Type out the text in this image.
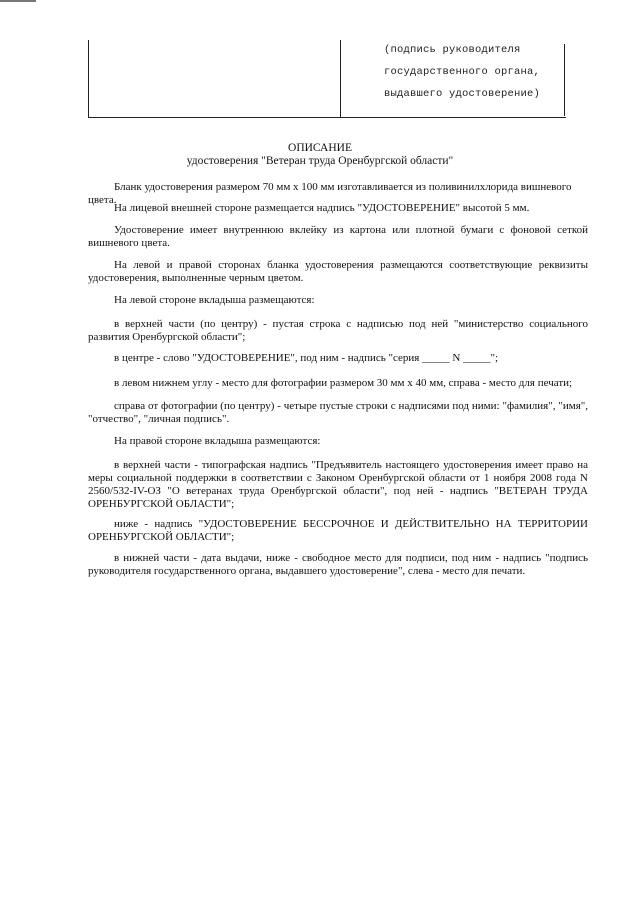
(подпись руководителя
государственного органа,
выдавшего удостоверение)
ОПИСАНИЕ
удостоверения "Ветеран труда Оренбургской области"
Бланк удостоверения размером 70 мм х 100 мм изготавливается из поливинилхлорида вишневого цвета.
На лицевой внешней стороне размещается надпись "УДОСТОВЕРЕНИЕ" высотой 5 мм.
Удостоверение имеет внутреннюю вклейку из картона или плотной бумаги с фоновой сеткой вишневого цвета.
На левой и правой сторонах бланка удостоверения размещаются соответствующие реквизиты удостоверения, выполненные черным цветом.
На левой стороне вкладыша размещаются:
в верхней части (по центру) - пустая строка с надписью под ней "министерство социального развития Оренбургской области";
в центре - слово "УДОСТОВЕРЕНИЕ", под ним - надпись "серия _____ N _____";
в левом нижнем углу - место для фотографии размером 30 мм х 40 мм, справа - место для печати;
справа от фотографии (по центру) - четыре пустые строки с надписями под ними: "фамилия", "имя", "отчество", "личная подпись".
На правой стороне вкладыша размещаются:
в верхней части - типографская надпись "Предъявитель настоящего удостоверения имеет право на меры социальной поддержки в соответствии с Законом Оренбургской области от 1 ноября 2008 года N 2560/532-IV-ОЗ "О ветеранах труда Оренбургской области", под ней - надпись "ВЕТЕРАН ТРУДА ОРЕНБУРГСКОЙ ОБЛАСТИ";
ниже - надпись "УДОСТОВЕРЕНИЕ БЕССРОЧНОЕ И ДЕЙСТВИТЕЛЬНО НА ТЕРРИТОРИИ ОРЕНБУРГСКОЙ ОБЛАСТИ";
в нижней части - дата выдачи, ниже - свободное место для подписи, под ним - надпись "подпись руководителя государственного органа, выдавшего удостоверение", слева - место для печати.
